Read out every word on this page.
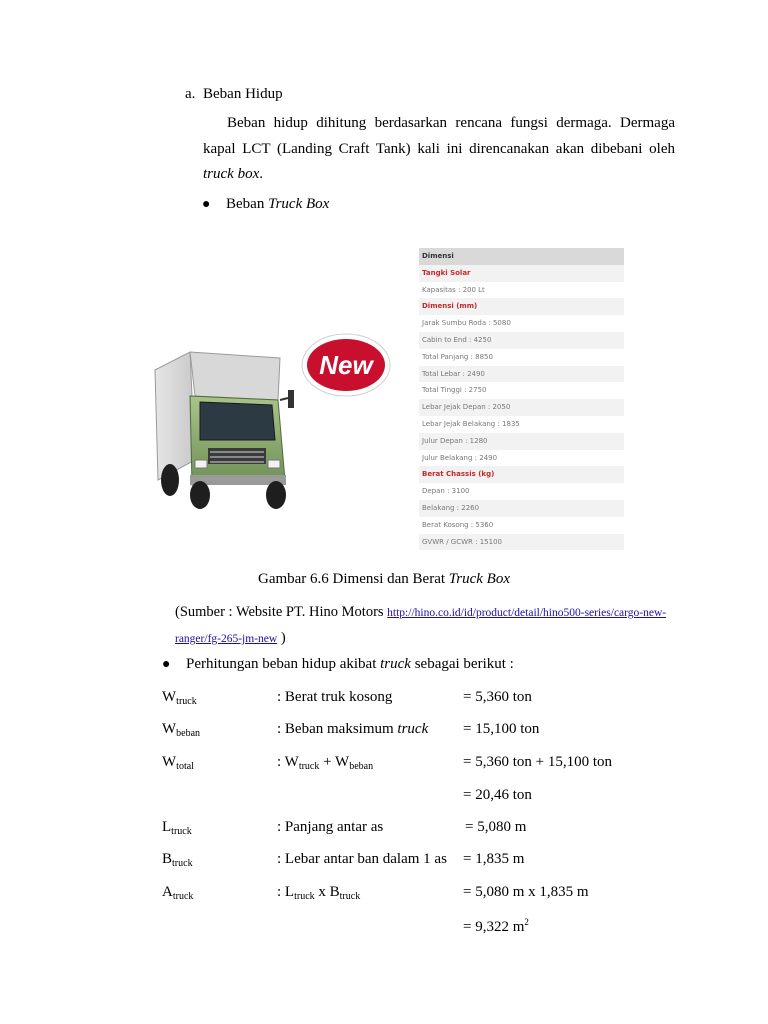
a. Beban Hidup
Beban hidup dihitung berdasarkan rencana fungsi dermaga. Dermaga kapal LCT (Landing Craft Tank) kali ini direncanakan akan dibebani oleh truck box.
● Beban Truck Box
New
Dimensi
Tangki Solar
Kapasitas : 200 Lt
Dimensi (mm)
Jarak Sumbu Roda : 5080
Cabin to End : 4250
Total Panjang : 8850
Total Lebar : 2490
Total Tinggi : 2750
Lebar Jejak Depan : 2050
Lebar Jejak Belakang : 1835
Julur Depan : 1280
Julur Belakang : 2490
Berat Chassis (kg)
Depan : 3100
Belakang : 2260
Berat Kosong : 5360
GVWR / GCWR : 15100
Gambar 6.6 Dimensi dan Berat Truck Box
(Sumber : Website PT. Hino Motors http://hino.co.id/id/product/detail/hino500-series/cargo-new-
ranger/fg-265-jm-new )
● Perhitungan beban hidup akibat truck sebagai berikut :
$W_{truck}$	: Berat truk kosong	= 5,360 ton
$W_{beban}$	: Beban maksimum truck = 15,100 ton
$W_{total}$	: $W_{truck} + W_{beban}$	= 5,360 ton + 15,100 ton
= 20,46 ton
$L_{truck}$	: Panjang antar as	= 5,080 m
$B_{truck}$	: Lebar antar ban dalam 1 as = 1,835 m
$A_{truck}$	: $L_{truck}$ x $B_{truck}$	= 5,080 m x 1,835 m
= 9,322 $m^2$
